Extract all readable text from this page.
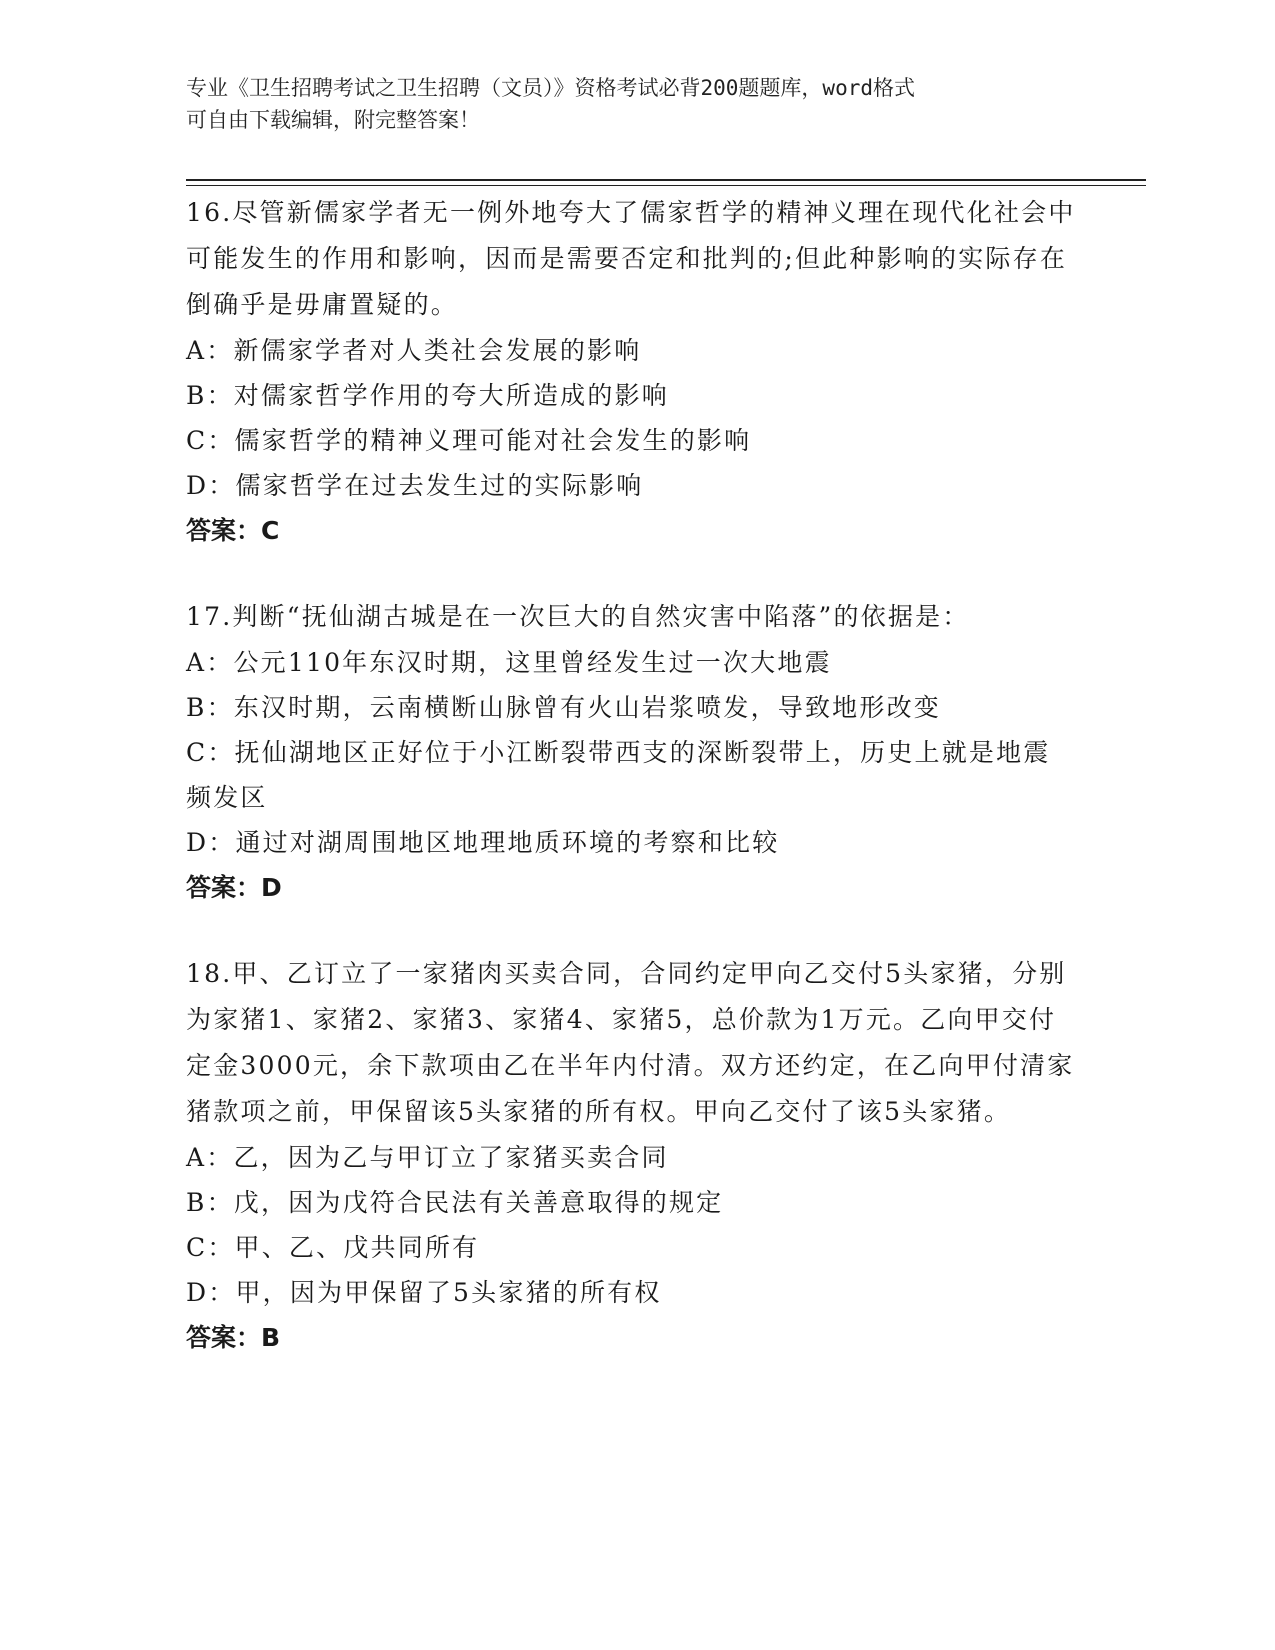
专业《卫生招聘考试之卫生招聘（文员）》资格考试必背200题题库，word格式

可自由下载编辑，附完整答案！

16.尽管新儒家学者无一例外地夸大了儒家哲学的精神义理在现代化社会中可能发生的作用和影响，因而是需要否定和批判的;但此种影响的实际存在倒确乎是毋庸置疑的。

A：新儒家学者对人类社会发展的影响

B：对儒家哲学作用的夸大所造成的影响

C：儒家哲学的精神义理可能对社会发生的影响

D：儒家哲学在过去发生过的实际影响

答案：C

17.判断“抚仙湖古城是在一次巨大的自然灾害中陷落”的依据是：

A：公元110年东汉时期，这里曾经发生过一次大地震

B：东汉时期，云南横断山脉曾有火山岩浆喷发，导致地形改变

C：抚仙湖地区正好位于小江断裂带西支的深断裂带上，历史上就是地震频发区

D：通过对湖周围地区地理地质环境的考察和比较

答案：D

18.甲、乙订立了一家猪肉买卖合同，合同约定甲向乙交付5头家猪，分别为家猪1、家猪2、家猪3、家猪4、家猪5，总价款为1万元。乙向甲交付定金3000元，余下款项由乙在半年内付清。双方还约定，在乙向甲付清家猪款项之前，甲保留该5头家猪的所有权。甲向乙交付了该5头家猪。

A：乙，因为乙与甲订立了家猪买卖合同

B：戊，因为戊符合民法有关善意取得的规定

C：甲、乙、戊共同所有

D：甲，因为甲保留了5头家猪的所有权

答案：B
